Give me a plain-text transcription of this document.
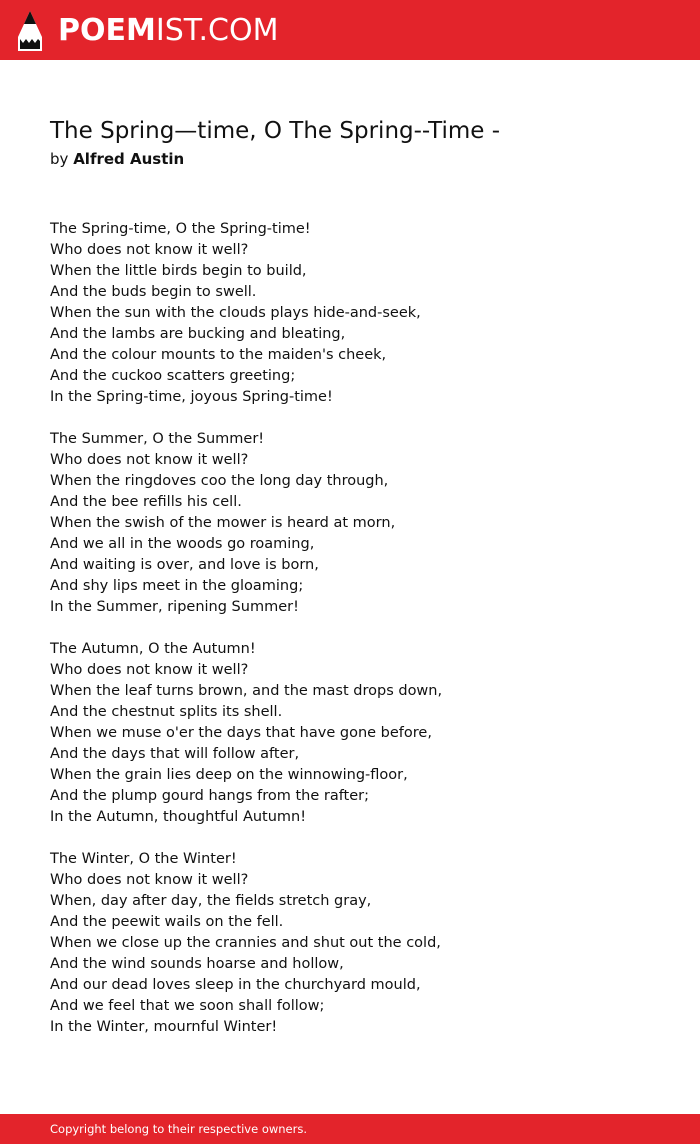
POEMIST.COM
The Spring—time, O The Spring--Time -
by Alfred Austin
The Spring-time, O the Spring-time!
Who does not know it well?
When the little birds begin to build,
And the buds begin to swell.
When the sun with the clouds plays hide-and-seek,
And the lambs are bucking and bleating,
And the colour mounts to the maiden's cheek,
And the cuckoo scatters greeting;
In the Spring-time, joyous Spring-time!
The Summer, O the Summer!
Who does not know it well?
When the ringdoves coo the long day through,
And the bee refills his cell.
When the swish of the mower is heard at morn,
And we all in the woods go roaming,
And waiting is over, and love is born,
And shy lips meet in the gloaming;
In the Summer, ripening Summer!
The Autumn, O the Autumn!
Who does not know it well?
When the leaf turns brown, and the mast drops down,
And the chestnut splits its shell.
When we muse o'er the days that have gone before,
And the days that will follow after,
When the grain lies deep on the winnowing-floor,
And the plump gourd hangs from the rafter;
In the Autumn, thoughtful Autumn!
The Winter, O the Winter!
Who does not know it well?
When, day after day, the fields stretch gray,
And the peewit wails on the fell.
When we close up the crannies and shut out the cold,
And the wind sounds hoarse and hollow,
And our dead loves sleep in the churchyard mould,
And we feel that we soon shall follow;
In the Winter, mournful Winter!
Copyright belong to their respective owners.
